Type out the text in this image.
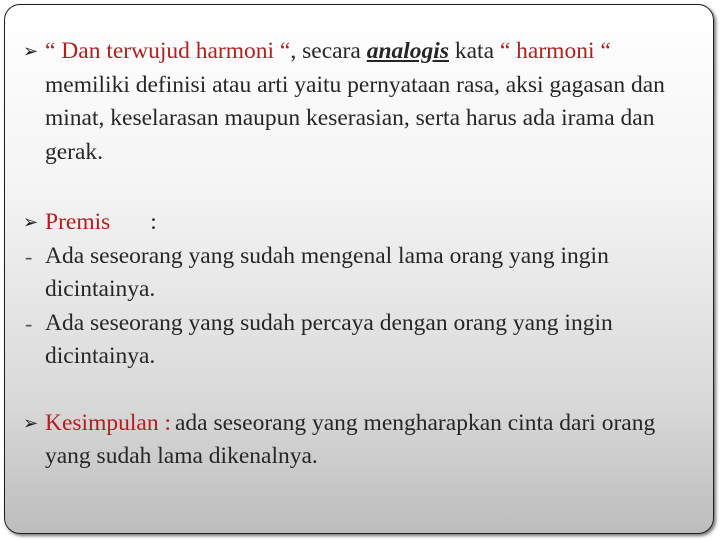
➢ “ Dan terwujud harmoni “, secara analogis kata “ harmoni “ memiliki definisi atau arti yaitu pernyataan rasa, aksi gagasan dan minat, keselarasan maupun keserasian, serta harus ada irama dan gerak.
➢ Premis :
- Ada seseorang yang sudah mengenal lama orang yang ingin dicintainya.
- Ada seseorang yang sudah percaya dengan orang yang ingin dicintainya.
➢ Kesimpulan : ada seseorang yang mengharapkan cinta dari orang yang sudah lama dikenalnya.
